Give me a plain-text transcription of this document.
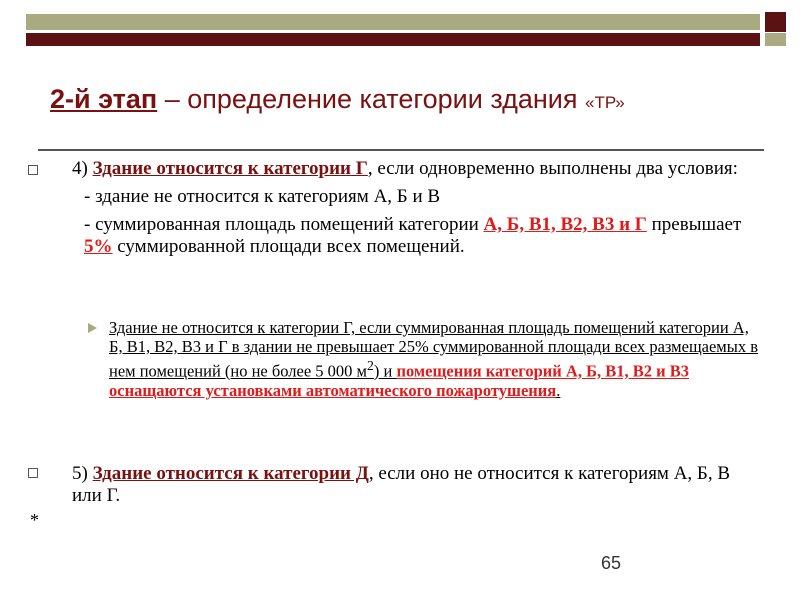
2-й этап – определение категории здания «ТР»
4) Здание относится к категории Г, если одновременно выполнены два условия:
- здание не относится к категориям А, Б и В
- суммированная площадь помещений категории А, Б, В1, В2, В3 и Г превышает 5% суммированной площади всех помещений.
Здание не относится к категории Г, если суммированная площадь помещений категории А, Б, В1, В2, В3 и Г в здании не превышает 25% суммированной площади всех размещаемых в нем помещений (но не более 5 000 $м^2$) и помещения категорий А, Б, В1, В2 и В3 оснащаются установками автоматического пожаротушения.
5) Здание относится к категории Д, если оно не относится к категориям А, Б, В или Г.
*
65
